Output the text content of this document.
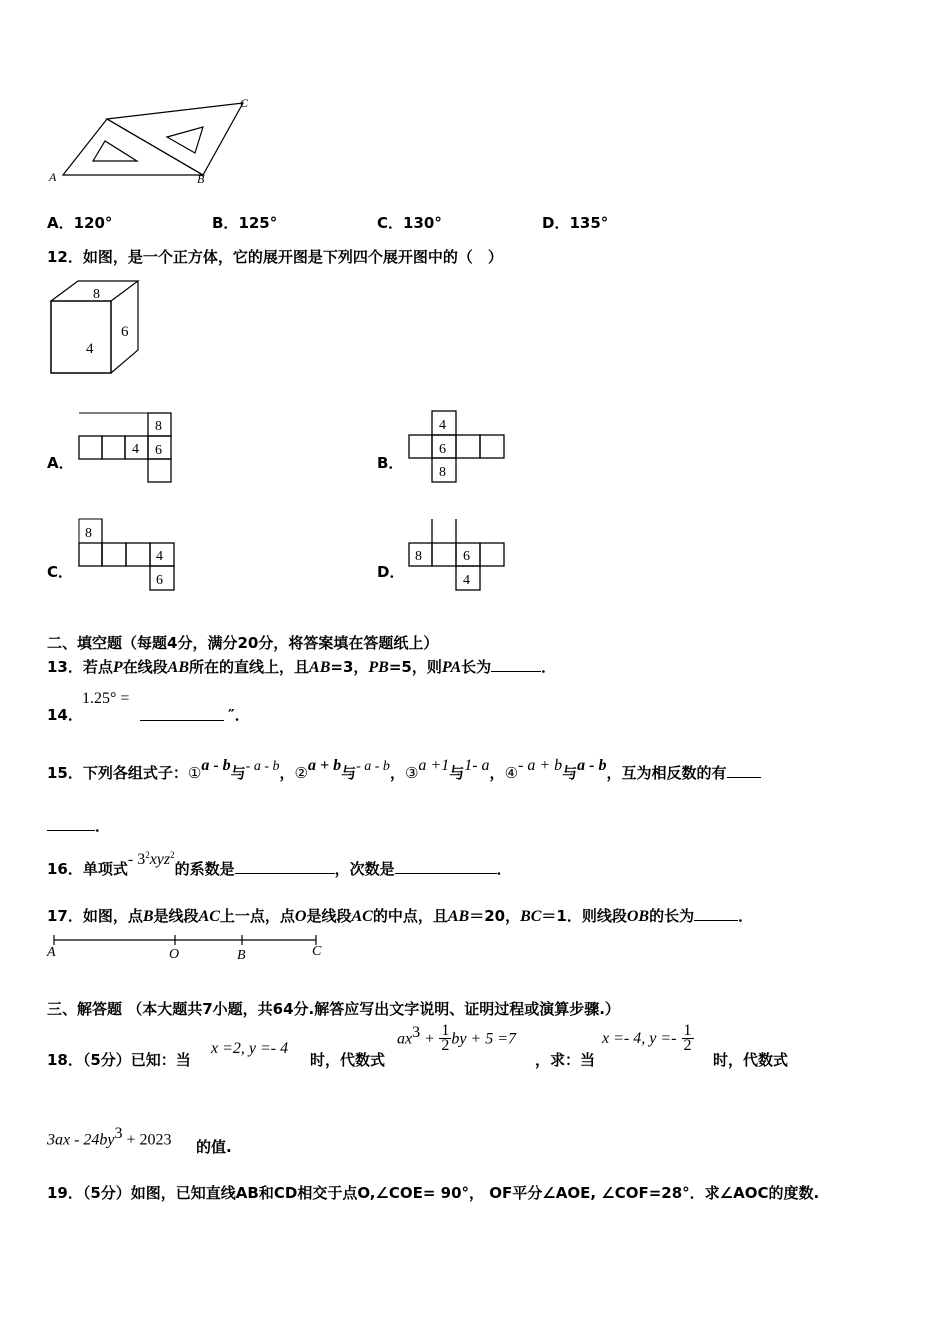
A	B
C
A．120°	B．125°	C．130°	D．135°
12．如图，是一个正方体，它的展开图是下列四个展开图中的（　）
8
4
6
A．
4 6
8
B．
4
6
8
C．
8
4
6	D．
8	6
4
二、填空题（每题4分，满分20分，将答案填在答题纸上）
13．若点P在线段AB所在的直线上，且AB=3，PB=5，则PA长为	．
14．
1.25° =
″．
15．下列各组式子：①a - b与- a - b，②a + b与- a - b，③a +1与1- a，④- a + b与a - b，互为相反数的有
．
16．单项式- $3^2xyz^2$的系数是	，次数是	．
17．如图，点B是线段AC上一点，点O是线段AC的中点，且AB＝20，BC＝1．则线段OB的长为	．
A	O	B	C
三、解答题 （本大题共7小题，共64分.解答应写出文字说明、证明过程或演算步骤.）
18．（5分）已知：当
x =2, y =- 4
时，代数式
$ax^3 + \frac{1}{2}$ by + 5 =7
，求：当
x =- 4, $y =- \frac{1}{2}$
时，代数式
$3ax - 24by^3 + 2023$ 的值.
19．（5分）如图，已知直线AB和CD相交于点O,∠COE= 90°， OF平分∠AOE, ∠COF=28°．求∠AOC的度数.
